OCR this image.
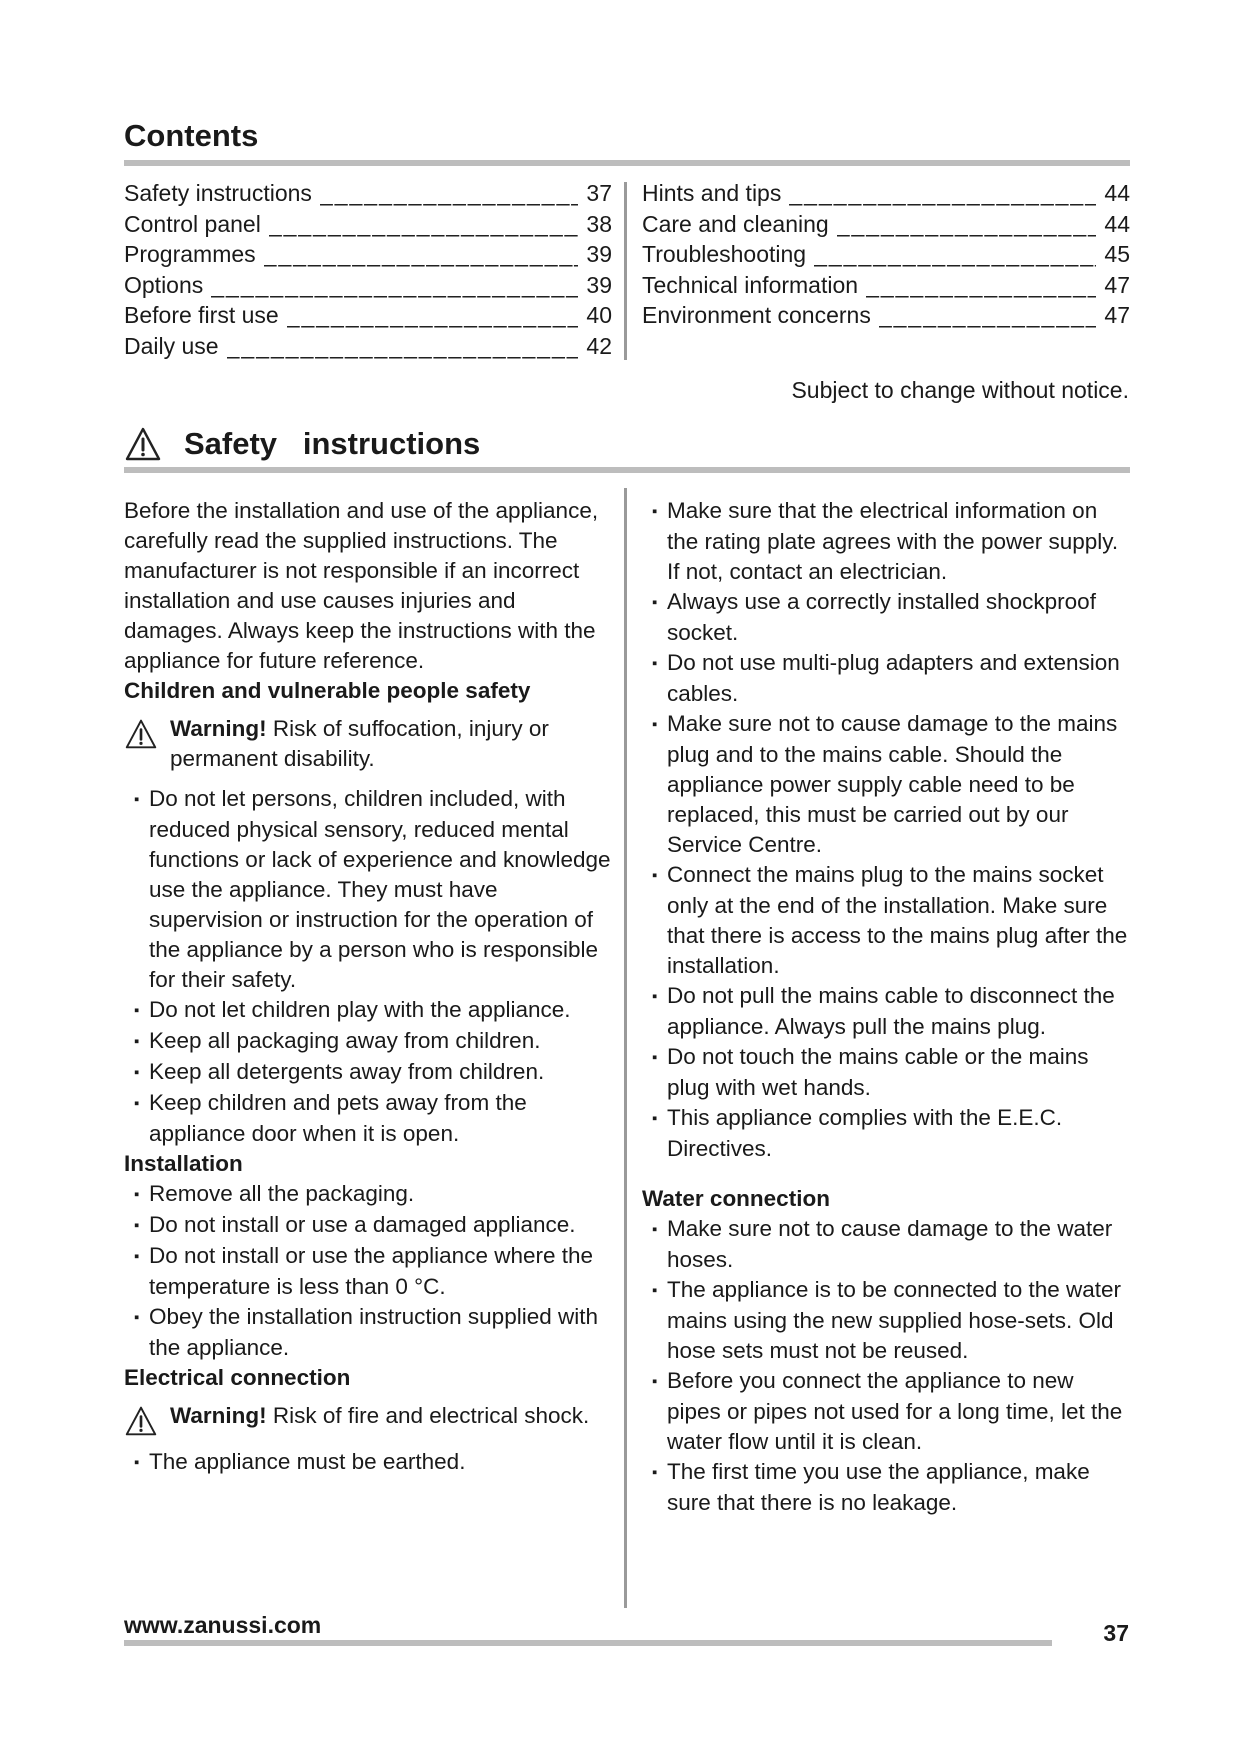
Contents
Safety instructions _____	37
Control panel _____	38
Programmes _____	39
Options _____	39
Before first use _____	40
Daily use _____	42
Hints and tips _____	44
Care and cleaning _____	44
Troubleshooting _____	45
Technical information _____	47
Environment concerns _____	47
Subject to change without notice.
Safety   instructions

Before the installation and use of the appliance, carefully read the supplied instructions. The manufacturer is not responsible if an incorrect installation and use causes injuries and damages. Always keep the instructions with the appliance for future reference.

Children and vulnerable people safety

Warning! Risk of suffocation, injury or permanent disability.

▪ Do not let persons, children included, with reduced physical sensory, reduced mental functions or lack of experience and knowledge use the appliance. They must have supervision or instruction for the operation of the appliance by a person who is responsible for their safety.

▪ Do not let children play with the appliance.

▪ Keep all packaging away from children.

▪ Keep all detergents away from children.

▪ Keep children and pets away from the appliance door when it is open.

Installation

▪ Remove all the packaging.

▪ Do not install or use a damaged appliance.

▪ Do not install or use the appliance where the temperature is less than 0 °C.

▪ Obey the installation instruction supplied with the appliance.

Electrical connection

Warning! Risk of fire and electrical shock.

▪ The appliance must be earthed.

▪ Make sure that the electrical information on the rating plate agrees with the power supply. If not, contact an electrician.

▪ Always use a correctly installed shockproof socket.

▪ Do not use multi-plug adapters and extension cables.

▪ Make sure not to cause damage to the mains plug and to the mains cable. Should the appliance power supply cable need to be replaced, this must be carried out by our Service Centre.

▪ Connect the mains plug to the mains socket only at the end of the installation. Make sure that there is access to the mains plug after the installation.

▪ Do not pull the mains cable to disconnect the appliance. Always pull the mains plug.

▪ Do not touch the mains cable or the mains plug with wet hands.

▪ This appliance complies with the E.E.C. Directives.

Water connection

▪ Make sure not to cause damage to the water hoses.

▪ The appliance is to be connected to the water mains using the new supplied hose-sets. Old hose sets must not be reused.

▪ Before you connect the appliance to new pipes or pipes not used for a long time, let the water flow until it is clean.

▪ The first time you use the appliance, make sure that there is no leakage.

www.zanussi.com	37
